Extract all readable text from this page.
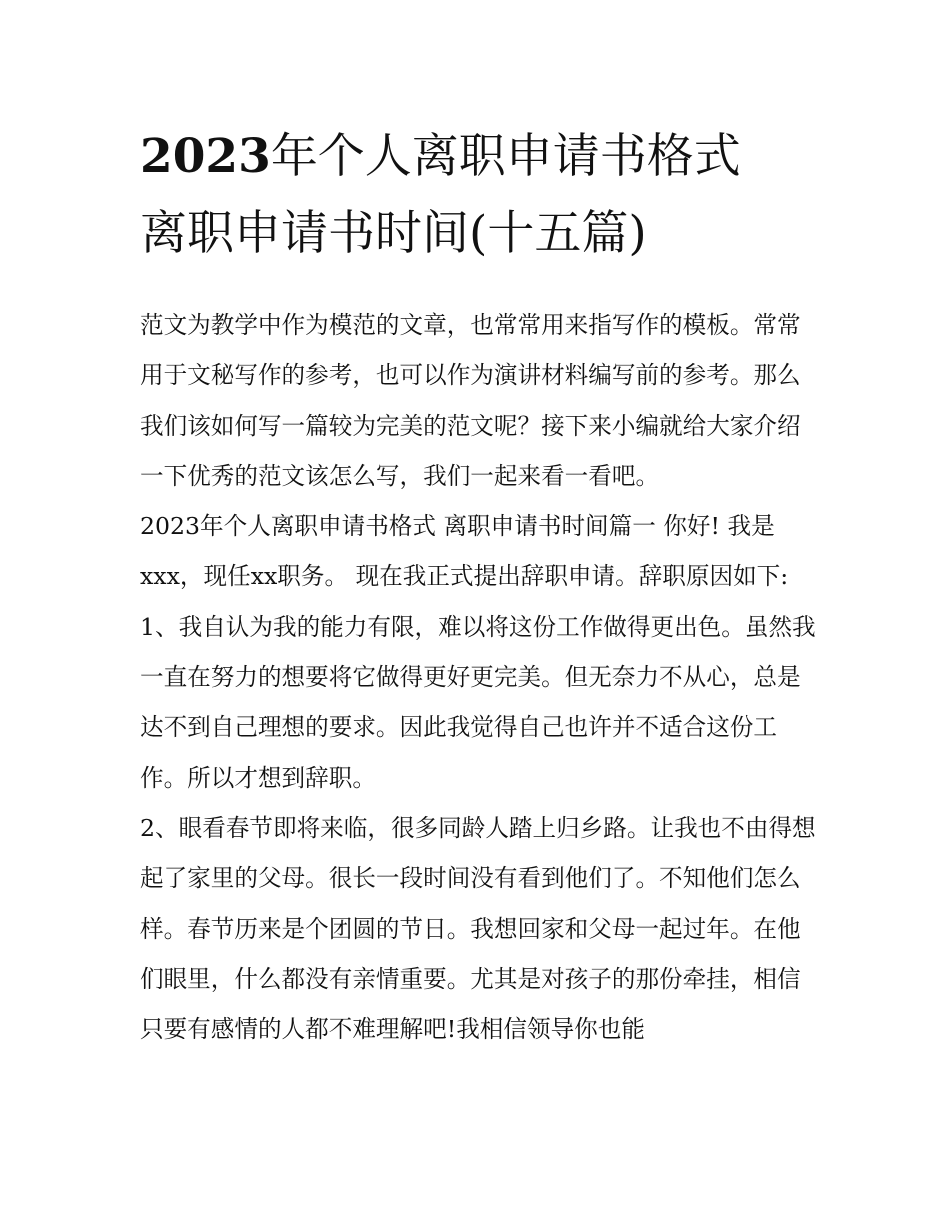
2023年个人离职申请书格式
离职申请书时间(十五篇)

范文为教学中作为模范的文章，也常常用来指写作的模板。常常用于文秘写作的参考，也可以作为演讲材料编写前的参考。那么我们该如何写一篇较为完美的范文呢？接下来小编就给大家介绍一下优秀的范文该怎么写，我们一起来看一看吧。

2023年个人离职申请书格式 离职申请书时间篇一 你好! 我是xxx，现任xx职务。 现在我正式提出辞职申请。辞职原因如下:

1、我自认为我的能力有限，难以将这份工作做得更出色。虽然我一直在努力的想要将它做得更好更完美。但无奈力不从心，总是达不到自己理想的要求。因此我觉得自己也许并不适合这份工作。所以才想到辞职。

2、眼看春节即将来临，很多同龄人踏上归乡路。让我也不由得想起了家里的父母。很长一段时间没有看到他们了。不知他们怎么样。春节历来是个团圆的节日。我想回家和父母一起过年。在他们眼里，什么都没有亲情重要。尤其是对孩子的那份牵挂，相信只要有感情的人都不难理解吧!我相信领导你也能
